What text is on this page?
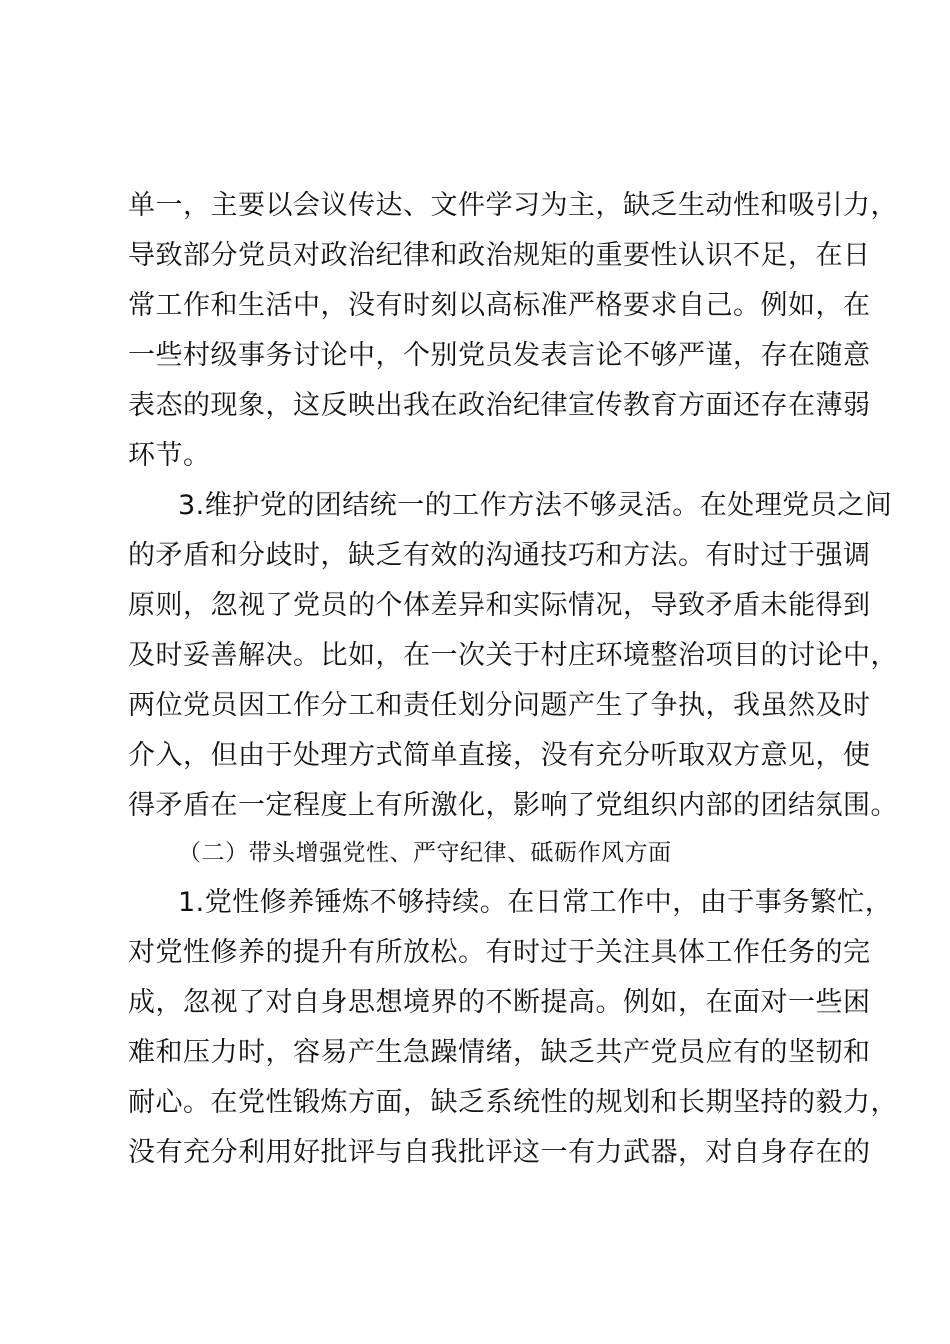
单一，主要以会议传达、文件学习为主，缺乏生动性和吸引力，
导致部分党员对政治纪律和政治规矩的重要性认识不足，在日
常工作和生活中，没有时刻以高标准严格要求自己。例如，在
一些村级事务讨论中，个别党员发表言论不够严谨，存在随意
表态的现象，这反映出我在政治纪律宣传教育方面还存在薄弱
环节。
3.维护党的团结统一的工作方法不够灵活。在处理党员之间
的矛盾和分歧时，缺乏有效的沟通技巧和方法。有时过于强调
原则，忽视了党员的个体差异和实际情况，导致矛盾未能得到
及时妥善解决。比如，在一次关于村庄环境整治项目的讨论中，
两位党员因工作分工和责任划分问题产生了争执，我虽然及时
介入，但由于处理方式简单直接，没有充分听取双方意见，使
得矛盾在一定程度上有所激化，影响了党组织内部的团结氛围。
（二）带头增强党性、严守纪律、砥砺作风方面
1.党性修养锤炼不够持续。在日常工作中，由于事务繁忙，
对党性修养的提升有所放松。有时过于关注具体工作任务的完
成，忽视了对自身思想境界的不断提高。例如，在面对一些困
难和压力时，容易产生急躁情绪，缺乏共产党员应有的坚韧和
耐心。在党性锻炼方面，缺乏系统性的规划和长期坚持的毅力，
没有充分利用好批评与自我批评这一有力武器，对自身存在的
